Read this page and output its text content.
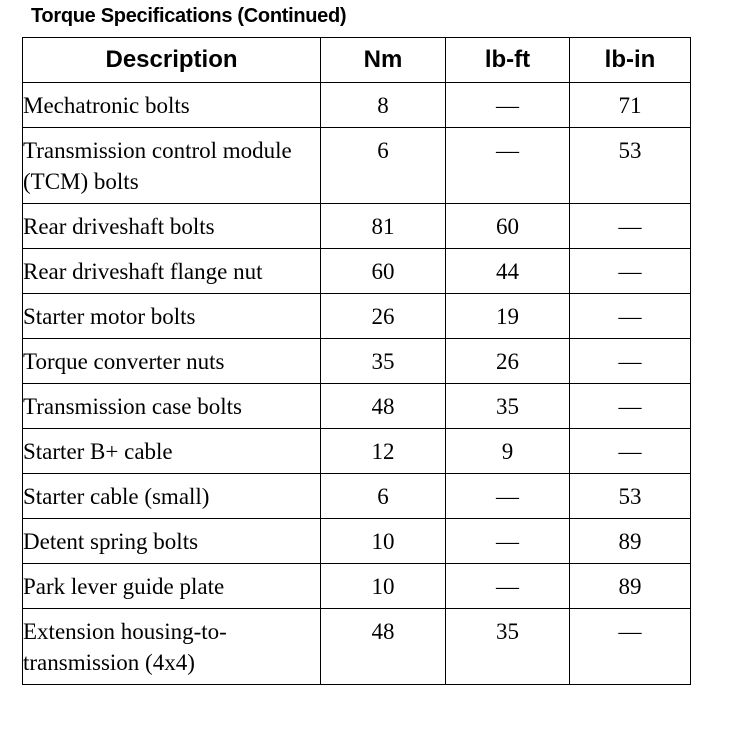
Torque Specifications (Continued)
Description	Nm	lb-ft	lb-in
Mechatronic bolts	8	—	71
Transmission control module (TCM) bolts	6	—	53
Rear driveshaft bolts	81	60	—
Rear driveshaft flange nut	60	44	—
Starter motor bolts	26	19	—
Torque converter nuts	35	26	—
Transmission case bolts	48	35	—
Starter B+ cable	12	9	—
Starter cable (small)	6	—	53
Detent spring bolts	10	—	89
Park lever guide plate	10	—	89
Extension housing-to-transmission (4x4)	48	35	—
